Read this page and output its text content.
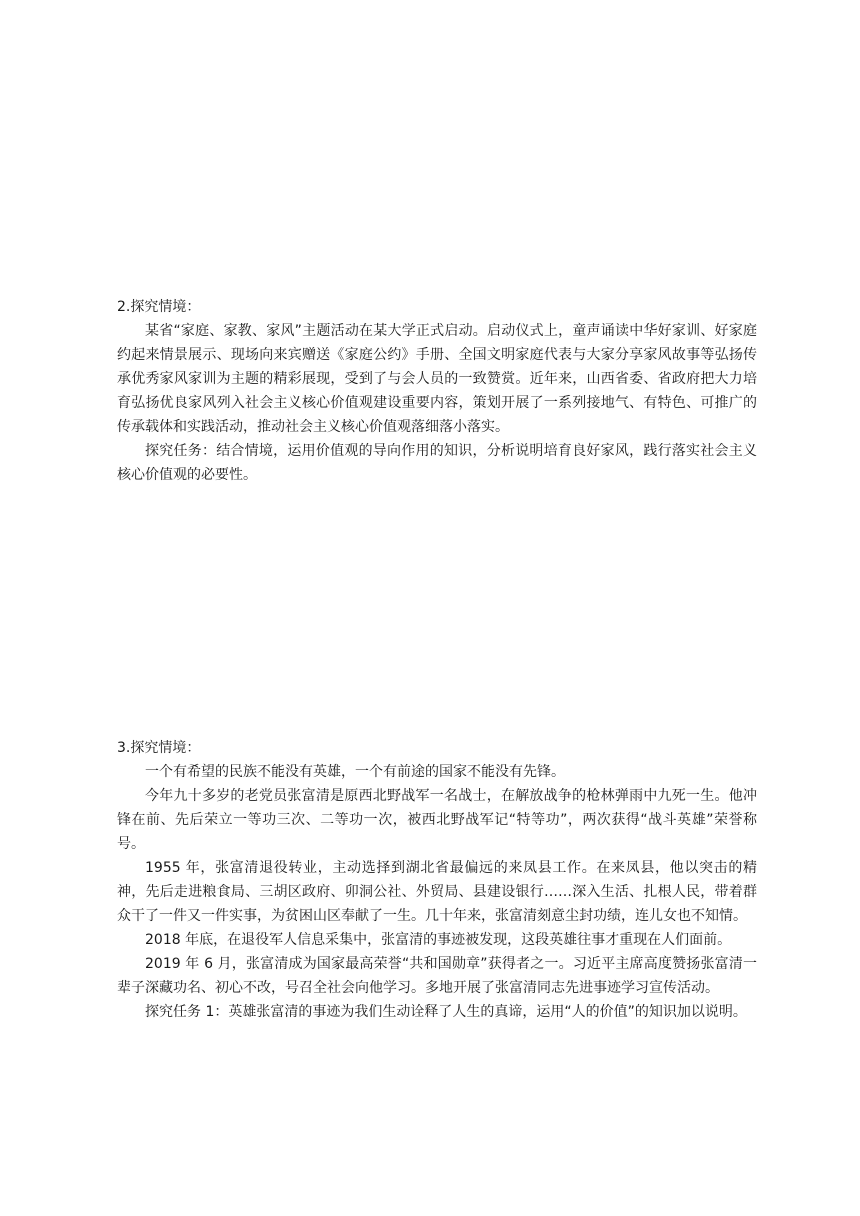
2.探究情境：

某省“家庭、家教、家风”主题活动在某大学正式启动。启动仪式上，童声诵读中华好家训、好家庭约起来情景展示、现场向来宾赠送《家庭公约》手册、全国文明家庭代表与大家分享家风故事等弘扬传承优秀家风家训为主题的精彩展现，受到了与会人员的一致赞赏。近年来，山西省委、省政府把大力培育弘扬优良家风列入社会主义核心价值观建设重要内容，策划开展了一系列接地气、有特色、可推广的传承载体和实践活动，推动社会主义核心价值观落细落小落实。

探究任务：结合情境，运用价值观的导向作用的知识，分析说明培育良好家风，践行落实社会主义核心价值观的必要性。

3.探究情境：

一个有希望的民族不能没有英雄，一个有前途的国家不能没有先锋。

今年九十多岁的老党员张富清是原西北野战军一名战士，在解放战争的枪林弹雨中九死一生。他冲锋在前、先后荣立一等功三次、二等功一次，被西北野战军记“特等功”，两次获得“战斗英雄”荣誉称号。

1955 年，张富清退役转业，主动选择到湖北省最偏远的来凤县工作。在来凤县，他以突击的精神，先后走进粮食局、三胡区政府、卯洞公社、外贸局、县建设银行……深入生活、扎根人民，带着群众干了一件又一件实事，为贫困山区奉献了一生。几十年来，张富清刻意尘封功绩，连儿女也不知情。

2018 年底，在退役军人信息采集中，张富清的事迹被发现，这段英雄往事才重现在人们面前。

2019 年 6 月，张富清成为国家最高荣誉“共和国勋章”获得者之一。习近平主席高度赞扬张富清一辈子深藏功名、初心不改，号召全社会向他学习。多地开展了张富清同志先进事迹学习宣传活动。

探究任务 1：英雄张富清的事迹为我们生动诠释了人生的真谛，运用“人的价值”的知识加以说明。
